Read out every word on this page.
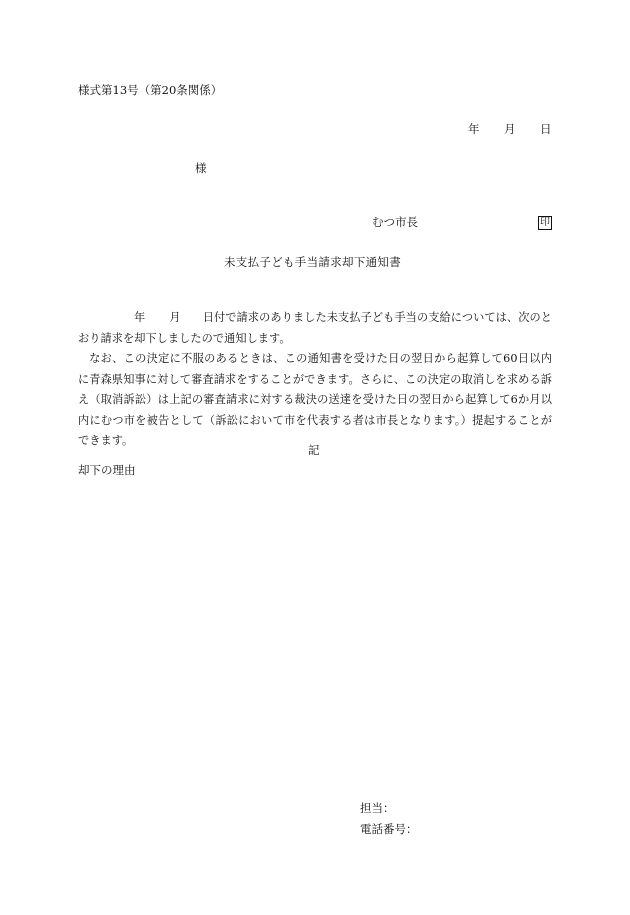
様式第13号（第20条関係）
年 月 日
様
むつ市長	印
未支払子ども手当請求却下通知書

年 月 日付で請求のありました未支払子ども手当の支給については、次のとおり請求を却下しましたので通知します。

なお、この決定に不服のあるときは、この通知書を受けた日の翌日から起算して60日以内に青森県知事に対して審査請求をすることができます。さらに、この決定の取消しを求める訴え（取消訴訟）は上記の審査請求に対する裁決の送達を受けた日の翌日から起算して6か月以内にむつ市を被告として（訴訟において市を代表する者は市長となります。）提起することができます。

記
却下の理由
担当：
電話番号：
